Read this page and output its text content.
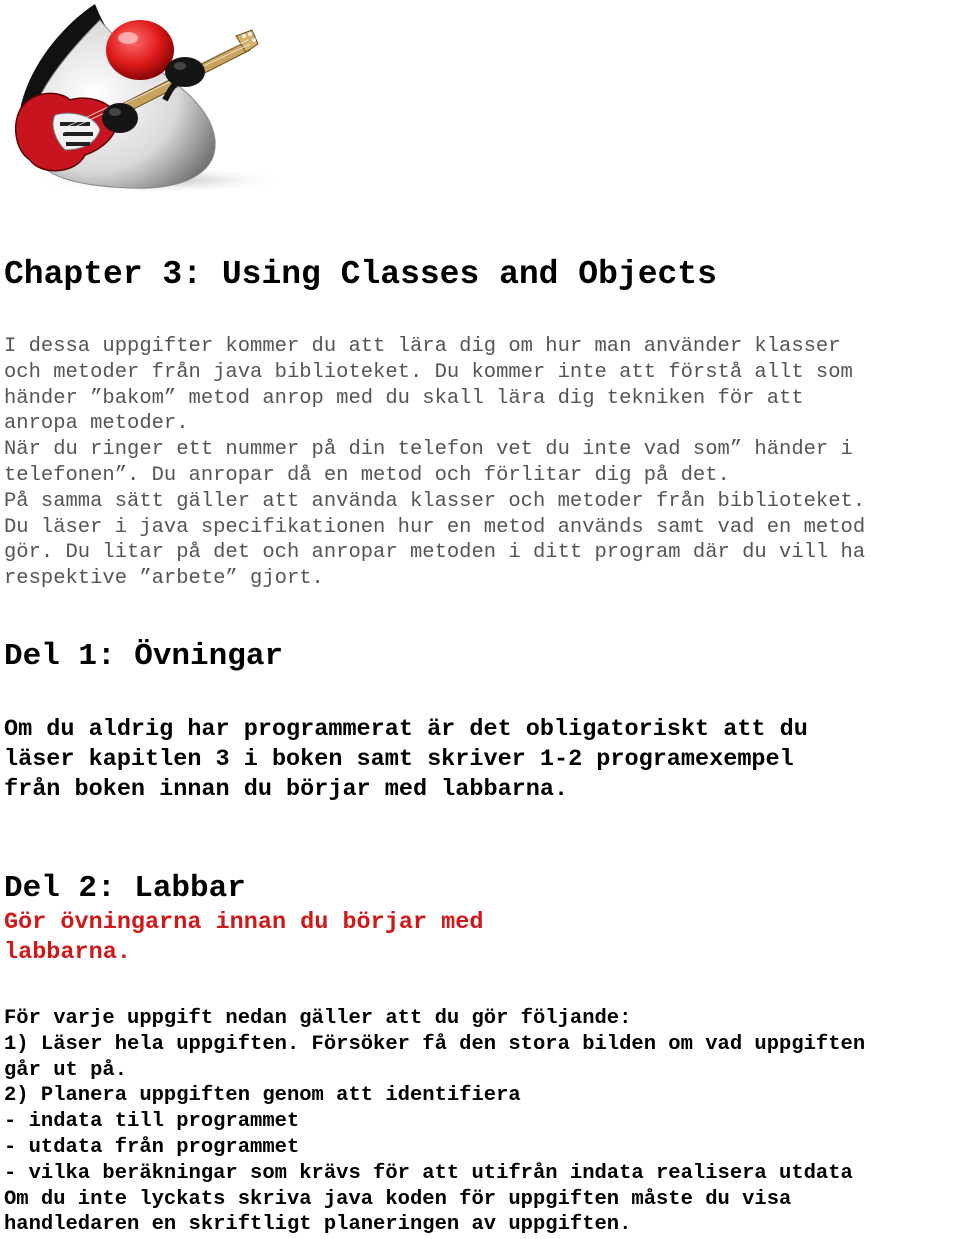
Chapter 3: Using Classes and Objects
I dessa uppgifter kommer du att lära dig om hur man använder klasser
och metoder från java biblioteket. Du kommer inte att förstå allt som
händer ”bakom” metod anrop med du skall lära dig tekniken för att
anropa metoder.
När du ringer ett nummer på din telefon vet du inte vad som” händer i
telefonen”. Du anropar då en metod och förlitar dig på det.
På samma sätt gäller att använda klasser och metoder från biblioteket.
Du läser i java specifikationen hur en metod används samt vad en metod
gör. Du litar på det och anropar metoden i ditt program där du vill ha
respektive ”arbete” gjort.
Del 1: Övningar
Om du aldrig har programmerat är det obligatoriskt att du
läser kapitlen 3 i boken samt skriver 1-2 programexempel
från boken innan du börjar med labbarna.
Del 2: Labbar
Gör övningarna innan du börjar med
labbarna.
För varje uppgift nedan gäller att du gör följande:
1) Läser hela uppgiften. Försöker få den stora bilden om vad uppgiften
går ut på.
2) Planera uppgiften genom att identifiera
- indata till programmet
- utdata från programmet
- vilka beräkningar som krävs för att utifrån indata realisera utdata
Om du inte lyckats skriva java koden för uppgiften måste du visa
handledaren en skriftligt planeringen av uppgiften.
